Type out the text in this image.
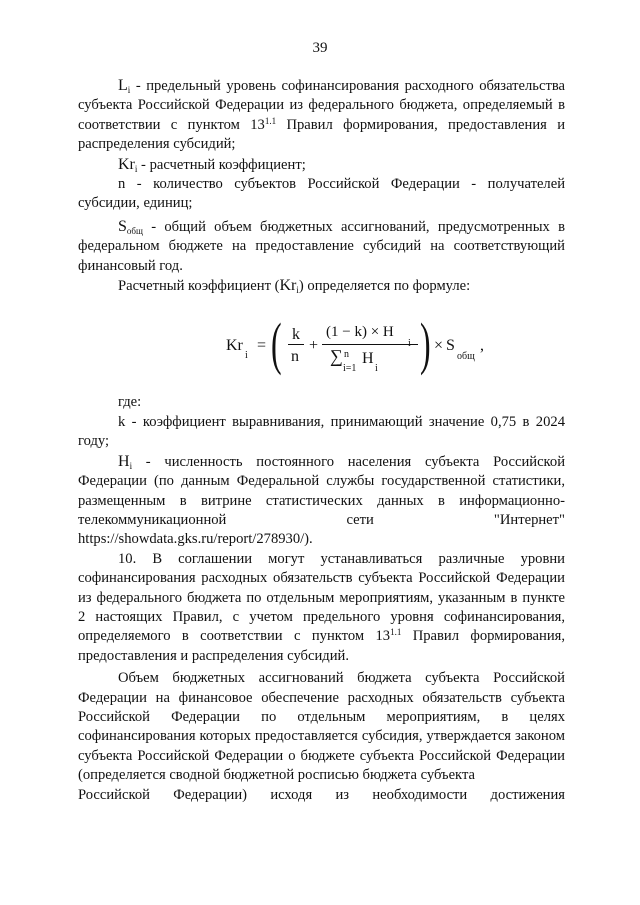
39

$L_i$ - предельный уровень софинансирования расходного обязательства субъекта Российской Федерации из федерального бюджета, определяемый в соответствии с пунктом $13^{1.1}$ Правил формирования, предоставления и распределения субсидий;

$Kr_i$ - расчетный коэффициент;

n - количество субъектов Российской Федерации - получателей субсидии, единиц;

$S_{общ}$ - общий объем бюджетных ассигнований, предусмотренных в федеральном бюджете на предоставление субсидий на соответствующий финансовый год.

Расчетный коэффициент $(Kr_i)$ определяется по формуле:

Kr
i
= ( k
n
+
(1 − k) × H
∑ n
i=1
H
i ) × S
общ
,

где:

k - коэффициент выравнивания, принимающий значение 0,75 в 2024 году;

$H_i$ - численность постоянного населения субъекта Российской Федерации (по данным Федеральной службы государственной статистики, размещенным в витрине статистических данных в информационно-телекоммуникационной сети "Интернет" https://showdata.gks.ru/report/278930/).

10. В соглашении могут устанавливаться различные уровни софинансирования расходных обязательств субъекта Российской Федерации из федерального бюджета по отдельным мероприятиям, указанным в пункте 2 настоящих Правил, с учетом предельного уровня софинансирования, определяемого в соответствии с пунктом $13^{1.1}$ Правил формирования, предоставления и распределения субсидий.

Объем бюджетных ассигнований бюджета субъекта Российской Федерации на финансовое обеспечение расходных обязательств субъекта Российской Федерации по отдельным мероприятиям, в целях софинансирования которых предоставляется субсидия, утверждается законом субъекта Российской Федерации о бюджете субъекта Российской Федерации (определяется сводной бюджетной росписью бюджета субъекта

Российской Федерации) исходя из необходимости достижения
